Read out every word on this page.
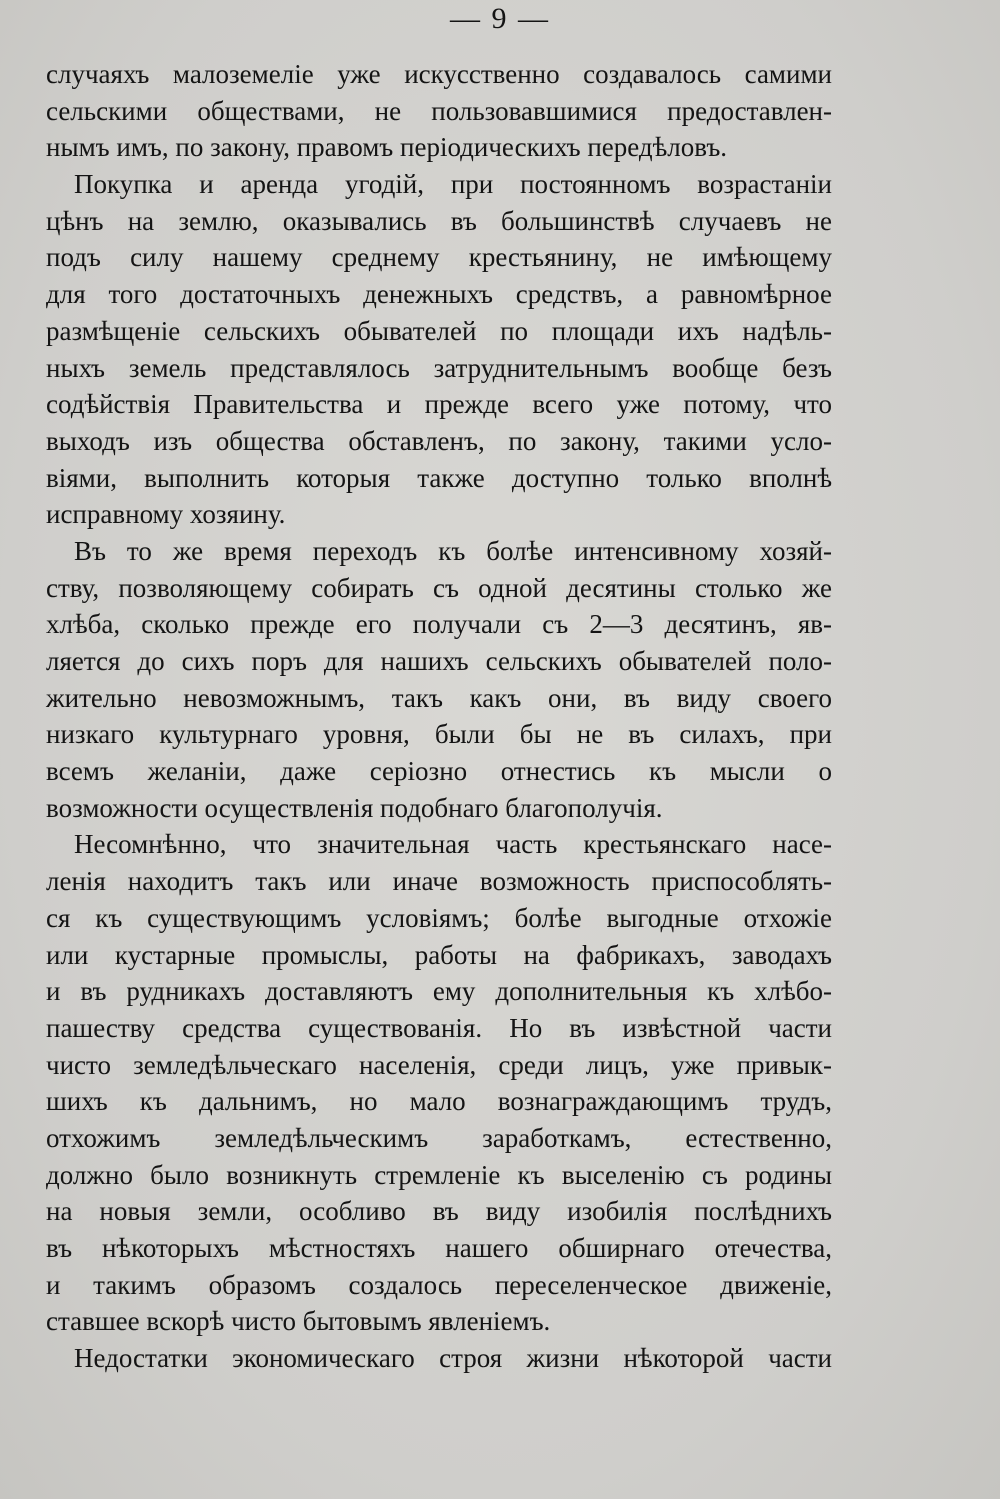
— 9 —
случаяхъ малоземеліе уже искусственно создавалось самими
сельскими обществами, не пользовавшимися предоставлен-
нымъ имъ, по закону, правомъ періодическихъ передѣловъ.
Покупка и аренда угодій, при постоянномъ возрастаніи
цѣнъ на землю, оказывались въ большинствѣ случаевъ не
подъ силу нашему среднему крестьянину, не имѣющему
для того достаточныхъ денежныхъ средствъ, а равномѣрное
размѣщеніе сельскихъ обывателей по площади ихъ надѣль-
ныхъ земель представлялось затруднительнымъ вообще безъ
содѣйствія Правительства и прежде всего уже потому, что
выходъ изъ общества обставленъ, по закону, такими усло-
віями, выполнить которыя также доступно только вполнѣ
исправному хозяину.
Въ то же время переходъ къ болѣе интенсивному хозяй-
ству, позволяющему собирать съ одной десятины столько же
хлѣба, сколько прежде его получали съ 2—3 десятинъ, яв-
ляется до сихъ поръ для нашихъ сельскихъ обывателей поло-
жительно невозможнымъ, такъ какъ они, въ виду своего
низкаго культурнаго уровня, были бы не въ силахъ, при
всемъ желаніи, даже серіозно отнестись къ мысли о
возможности осуществленія подобнаго благополучія.
Несомнѣнно, что значительная часть крестьянскаго насе-
ленія находитъ такъ или иначе возможность приспособлять-
ся къ существующимъ условіямъ; болѣе выгодные отхожіе
или кустарные промыслы, работы на фабрикахъ, заводахъ
и въ рудникахъ доставляютъ ему дополнительныя къ хлѣбо-
пашеству средства существованія. Но въ извѣстной части
чисто земледѣльческаго населенія, среди лицъ, уже привык-
шихъ къ дальнимъ, но мало вознаграждающимъ трудъ,
отхожимъ земледѣльческимъ заработкамъ, естественно,
должно было возникнуть стремленіе къ выселенію съ родины
на новыя земли, особливо въ виду изобилія послѣднихъ
въ нѣкоторыхъ мѣстностяхъ нашего обширнаго отечества,
и такимъ образомъ создалось переселенческое движеніе,
ставшее вскорѣ чисто бытовымъ явленіемъ.
Недостатки экономическаго строя жизни нѣкоторой части
